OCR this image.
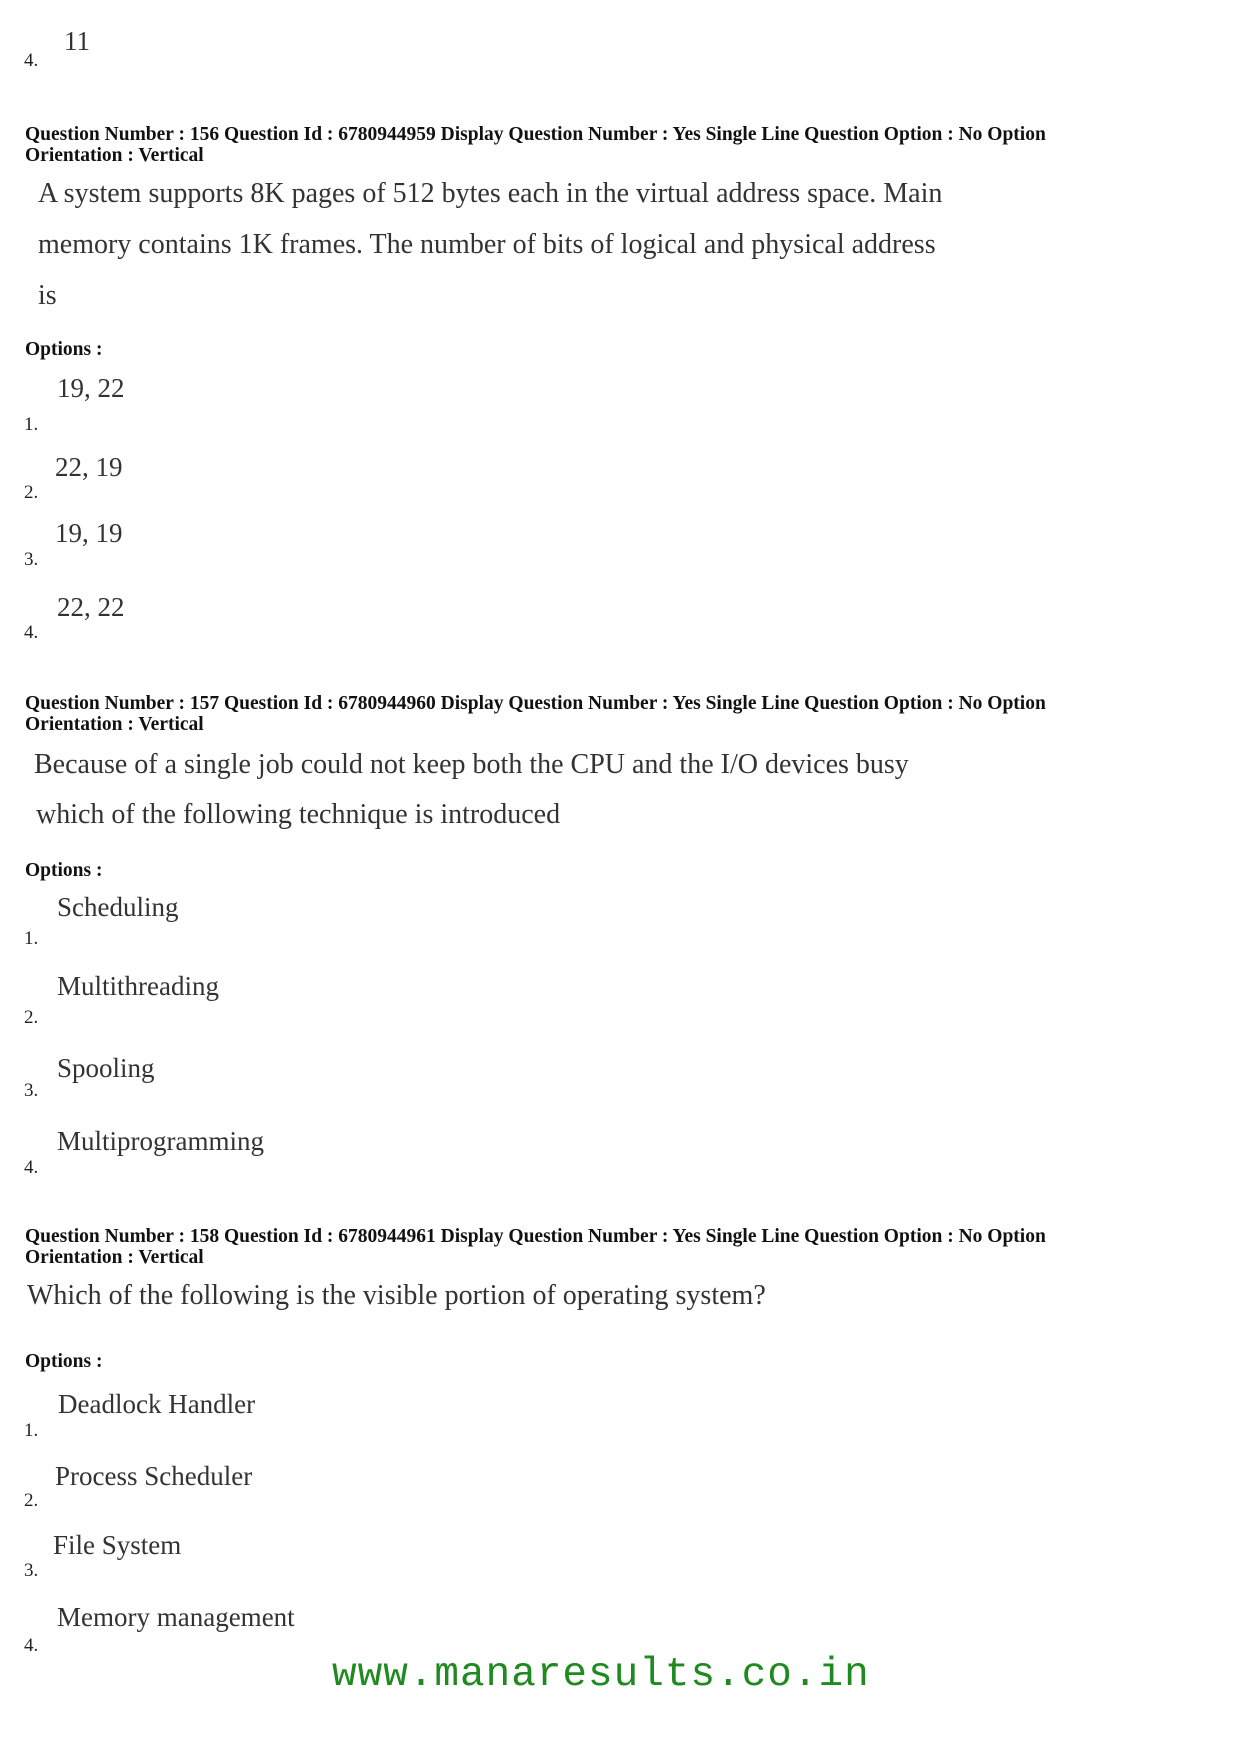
4.
11
Question Number : 156 Question Id : 6780944959 Display Question Number : Yes Single Line Question Option : No Option
Orientation : Vertical
A system supports 8K pages of 512 bytes each in the virtual address space. Main
memory contains 1K frames. The number of bits of logical and physical address
is
Options :
1.
19, 22
2.
22, 19
3.
19, 19
4.
22, 22
Question Number : 157 Question Id : 6780944960 Display Question Number : Yes Single Line Question Option : No Option
Orientation : Vertical
Because of a single job could not keep both the CPU and the I/O devices busy
which of the following technique is introduced
Options :
1.
Scheduling
2.
Multithreading
3.
Spooling
4.
Multiprogramming
Question Number : 158 Question Id : 6780944961 Display Question Number : Yes Single Line Question Option : No Option
Orientation : Vertical
Which of the following is the visible portion of operating system?
Options :
1.
Deadlock Handler
2.
Process Scheduler
3.
File System
4.
Memory management
www.manaresults.co.in
